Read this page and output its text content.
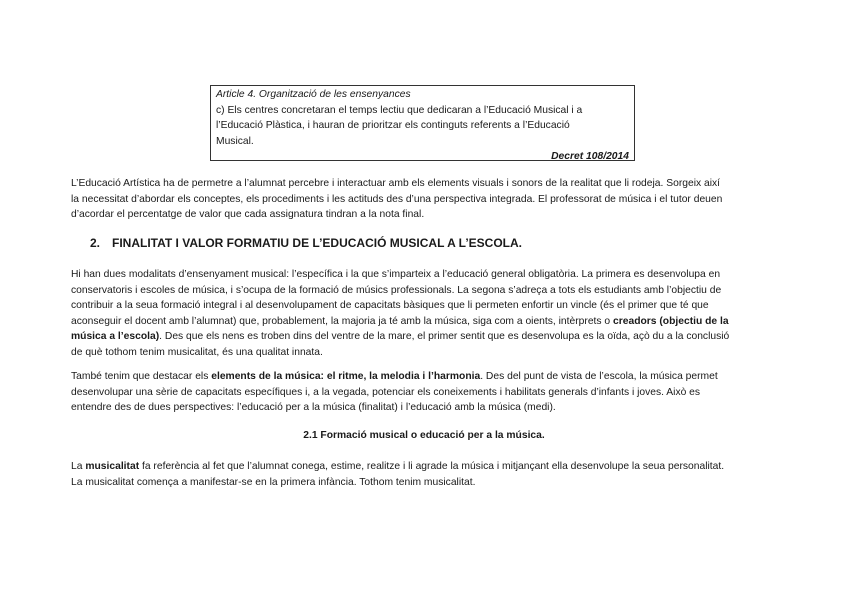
Article 4. Organització de les ensenyances
c) Els centres concretaran el temps lectiu que dedicaran a l’Educació Musical i a
l’Educació Plàstica, i hauran de prioritzar els continguts referents a l’Educació
Musical.
Decret 108/2014
L’Educació Artística ha de permetre a l’alumnat percebre i interactuar amb els elements visuals i sonors de la realitat que li rodeja. Sorgeix així
la necessitat d’abordar els conceptes, els procediments i les actituds des d’una perspectiva integrada. El professorat de música i el tutor deuen
d’acordar el percentatge de valor que cada assignatura tindran a la nota final.
2. FINALITAT I VALOR FORMATIU DE L’EDUCACIÓ MUSICAL A L’ESCOLA.
Hi han dues modalitats d’ensenyament musical: l’específica i la que s’imparteix a l’educació general obligatòria. La primera es desenvolupa en
conservatoris i escoles de música, i s’ocupa de la formació de músics professionals. La segona s’adreça a tots els estudiants amb l’objectiu de
contribuir a la seua formació integral i al desenvolupament de capacitats bàsiques que li permeten enfortir un vincle (és el primer que té que
aconseguir el docent amb l’alumnat) que, probablement, la majoria ja té amb la música, siga com a oients, intèrprets o creadors (objectiu de la
música a l’escola). Des que els nens es troben dins del ventre de la mare, el primer sentit que es desenvolupa es la oïda, açò du a la conclusió
de què tothom tenim musicalitat, és una qualitat innata.
També tenim que destacar els elements de la música: el ritme, la melodia i l’harmonia. Des del punt de vista de l’escola, la música permet
desenvolupar una sèrie de capacitats específiques i, a la vegada, potenciar els coneixements i habilitats generals d’infants i joves. Això es
entendre des de dues perspectives: l’educació per a la música (finalitat) i l’educació amb la música (medi).
2.1 Formació musical o educació per a la música.
La musicalitat fa referència al fet que l’alumnat conega, estime, realitze i li agrade la música i mitjançant ella desenvolupe la seua personalitat.
La musicalitat comença a manifestar-se en la primera infància. Tothom tenim musicalitat.
